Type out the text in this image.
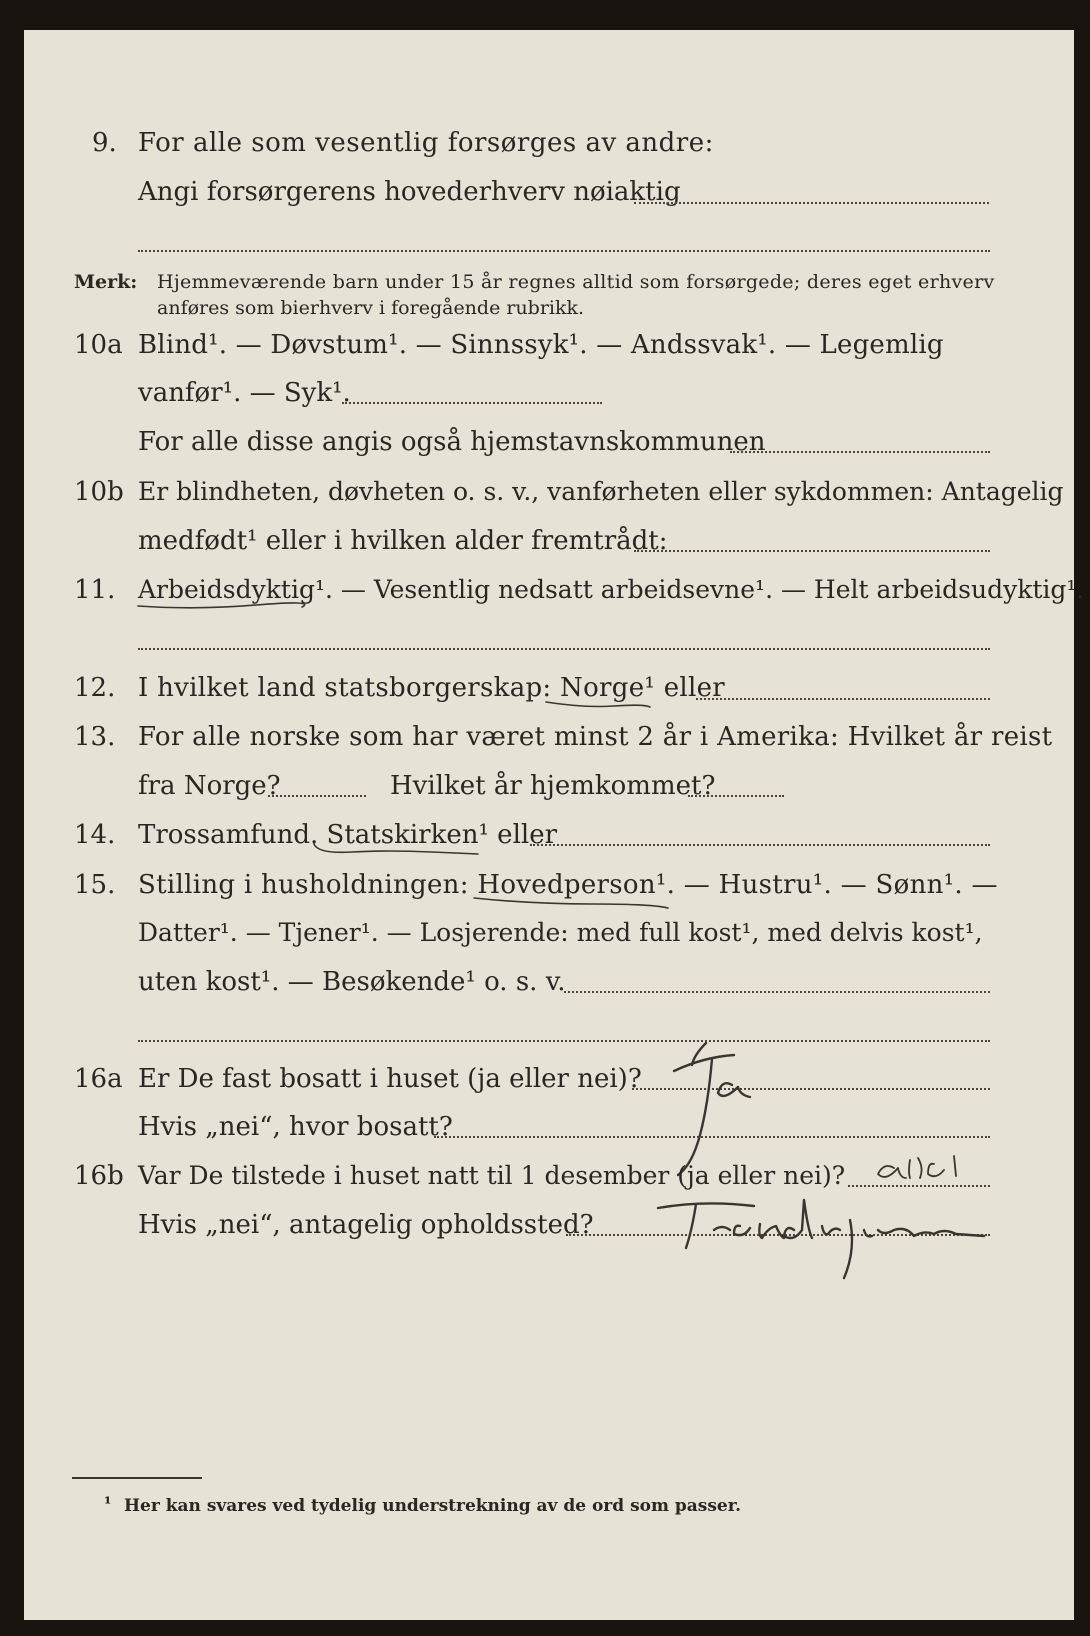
9. For alle som vesentlig forsørges av andre:
Angi forsørgerens hovederhverv nøiaktig
Merk: Hjemmeværende barn under 15 år regnes alltid som forsørgede; deres eget erhverv
anføres som bierhverv i foregående rubrikk.
10a Blind¹. — Døvstum¹. — Sinnssyk¹. — Andssvak¹. — Legemlig
vanfør¹. — Syk¹.
For alle disse angis også hjemstavnskommunen
10b Er blindheten, døvheten o. s. v., vanførheten eller sykdommen: Antagelig
medfødt¹ eller i hvilken alder fremtrådt:
11. Arbeidsdyktig¹. — Vesentlig nedsatt arbeidsevne¹. — Helt arbeidsudyktig¹.
12. I hvilket land statsborgerskap: Norge¹ eller
13. For alle norske som har været minst 2 år i Amerika: Hvilket år reist
fra Norge?	Hvilket år hjemkommet?
14. Trossamfund. Statskirken¹ eller
15. Stilling i husholdningen: Hovedperson¹. — Hustru¹. — Sønn¹. —
Datter¹. — Tjener¹. — Losjerende: med full kost¹, med delvis kost¹,
uten kost¹. — Besøkende¹ o. s. v.
16a Er De fast bosatt i huset (ja eller nei)?
Hvis „nei“, hvor bosatt?
16b Var De tilstede i huset natt til 1 desember (ja eller nei)?
Hvis „nei“, antagelig opholdssted?
¹ Her kan svares ved tydelig understrekning av de ord som passer.
